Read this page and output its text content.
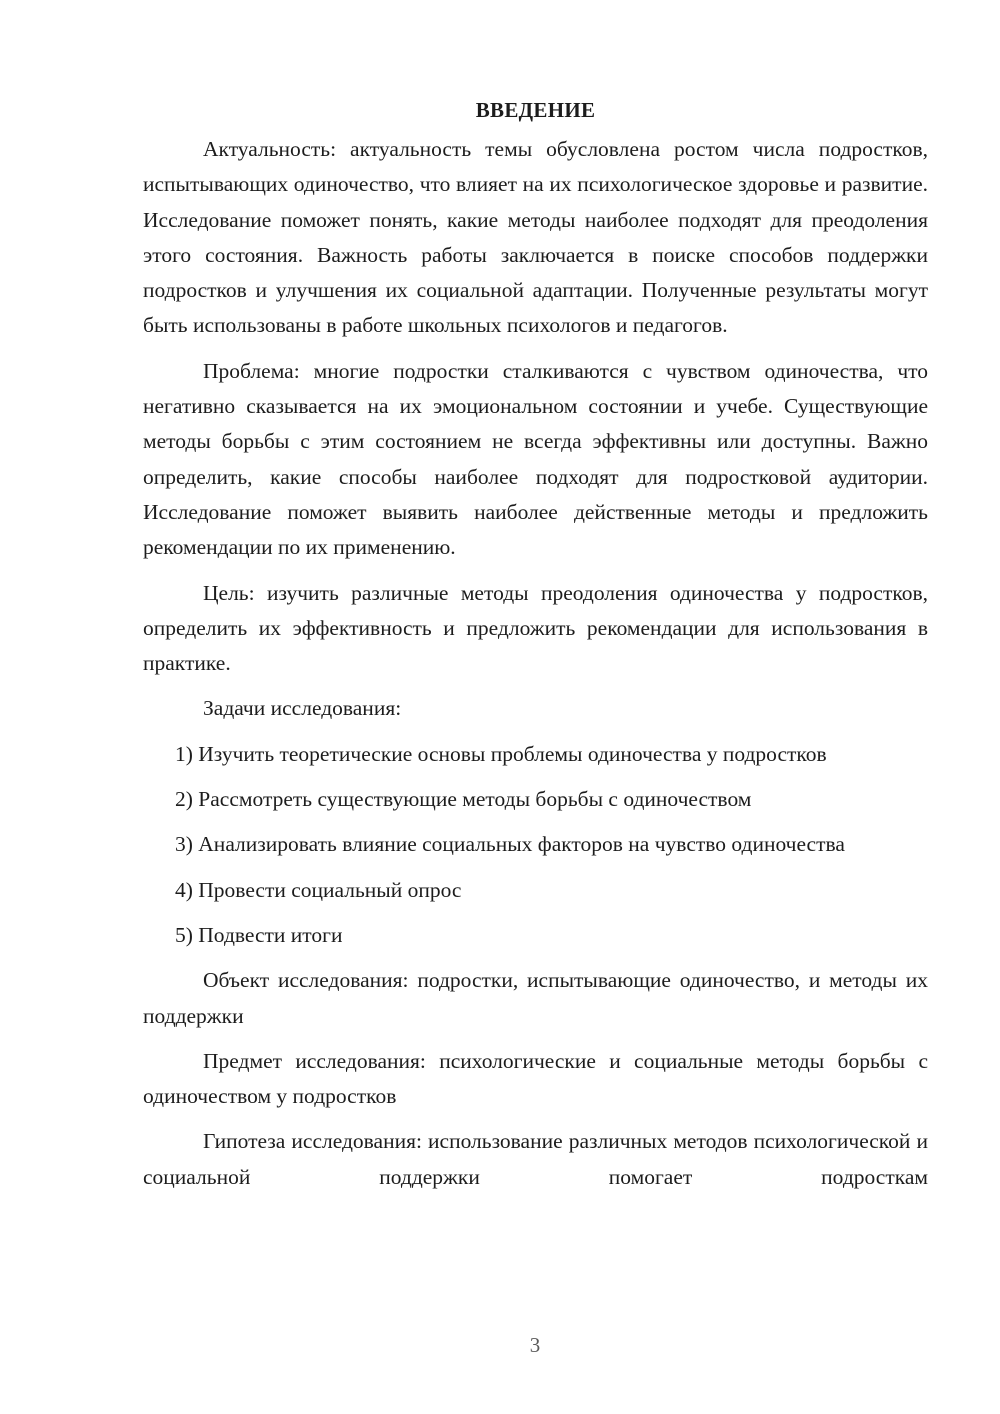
ВВЕДЕНИЕ

Актуальность: актуальность темы обусловлена ростом числа подростков, испытывающих одиночество, что влияет на их психологическое здоровье и развитие. Исследование поможет понять, какие методы наиболее подходят для преодоления этого состояния. Важность работы заключается в поиске способов поддержки подростков и улучшения их социальной адаптации. Полученные результаты могут быть использованы в работе школьных психологов и педагогов.

Проблема: многие подростки сталкиваются с чувством одиночества, что негативно сказывается на их эмоциональном состоянии и учебе. Существующие методы борьбы с этим состоянием не всегда эффективны или доступны. Важно определить, какие способы наиболее подходят для подростковой аудитории. Исследование поможет выявить наиболее действенные методы и предложить рекомендации по их применению.

Цель: изучить различные методы преодоления одиночества у подростков, определить их эффективность и предложить рекомендации для использования в практике.

Задачи исследования:

1) Изучить теоретические основы проблемы одиночества у подростков

2) Рассмотреть существующие методы борьбы с одиночеством

3) Анализировать влияние социальных факторов на чувство одиночества

4) Провести социальный опрос

5) Подвести итоги

Объект исследования: подростки, испытывающие одиночество, и методы их поддержки

Предмет исследования: психологические и социальные методы борьбы с одиночеством у подростков

Гипотеза исследования: использование различных методов психологической и социальной поддержки помогает подросткам

3
